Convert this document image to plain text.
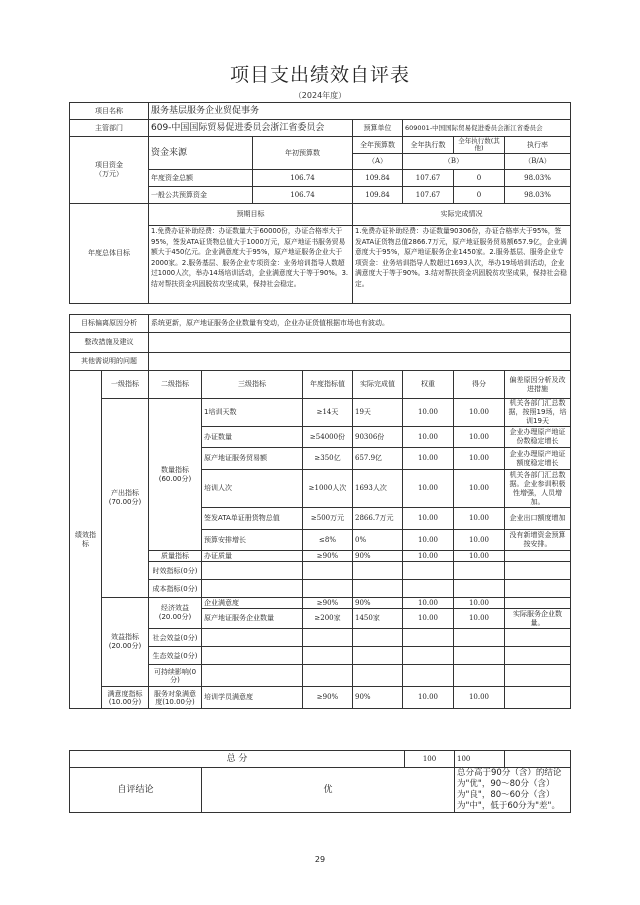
项目支出绩效自评表
（2024年度）
项目名称	服务基层服务企业贸促事务					
主管部门	609-中国国际贸易促进委员会浙江省委员会		预算单位	609001-中国国际贸易促进委员会浙江省委员会		

项目资金
（万元）	资金来源	年初预算数	全年预算数	全年执行数	全年执行数(其他)	执行率
			（A）	（B）		（B/A）
	年度资金总额	106.74	109.84	107.67	0	98.03%
	一般公共预算资金	106.74	109.84	107.67	0	98.03%
年度总体目标	预期目标		实际完成情况			
	1.免费办证补助经费：办证数量大于60000份，办证合格率大于95%，签发ATA证货物总值大于1000万元，原产地证书服务贸易额大于450亿元。企业满意度大于95%，原产地证服务企业大于2000家。2.服务基层、服务企业专项资金：业务培训指导人数超过1000人次，举办14场培训活动，企业满意度大于等于90%。3.结对帮扶资金巩固脱贫攻坚成果，保持社会稳定。		1.免费办证补助经费：办证数量90306份，办证合格率大于95%，签发ATA证货物总值2866.7万元，原产地证服务贸易额657.9亿，企业满意度大于95%，原产地证服务企业1450家。2.服务基层、服务企业专项资金：业务培训指导人数超过1693人次，举办19场培训活动，企业满意度大于等于90%。3.结对帮扶资金巩固脱贫攻坚成果，保持社会稳定。			
目标偏离原因分析	系统更新，原产地证服务企业数量有变动，企业办证货值根据市场也有波动。
整改措施及建议	
其他需说明的问题	
绩效指标	一级指标	二级指标	三级指标	年度指标值	实际完成值	权重	得分	偏差原因分析及改进措施
	产出指标(70.00分)	数量指标(60.00分)	1培训天数	≥14天	19天	10.00	10.00	机关各部门汇总数据，按照19场，培训19天
			办证数量	≥54000份	90306份	10.00	10.00	企业办理原产地证份数稳定增长
			原产地证服务贸易额	≥350亿	657.9亿	10.00	10.00	企业办理原产地证额度稳定增长
			培训人次	≥1000人次	1693人次	10.00	10.00	机关各部门汇总数据。企业参训积极性增强，人员增加。
			签发ATA单证册货物总值	≥500万元	2866.7万元	10.00	10.00	企业出口额度增加
			预算安排增长	≤8%	0%	10.00	10.00	没有新增资金预算按安排。
		质量指标	办证质量	≥90%	90%	10.00	10.00	
		时效指标(0分)						
		成本指标(0分)						
	效益指标(20.00分)	经济效益(20.00分)	企业满意度	≥90%	90%	10.00	10.00	
			原产地证服务企业数量	≥200家	1450家	10.00	10.00	实际服务企业数量。
		社会效益(0分)						
		生态效益(0分)						
		可持续影响(0分)						
	满意度指标(10.00分)	服务对象满意度(10.00分)	培训学员满意度	≥90%	90%	10.00	10.00	
总 分		100	100	
自评结论	优		总分高于90分（含）的结论为"优"，90～80分（含）为"良"，80～60分（含）为"中"，低于60分为"差"。	
29
